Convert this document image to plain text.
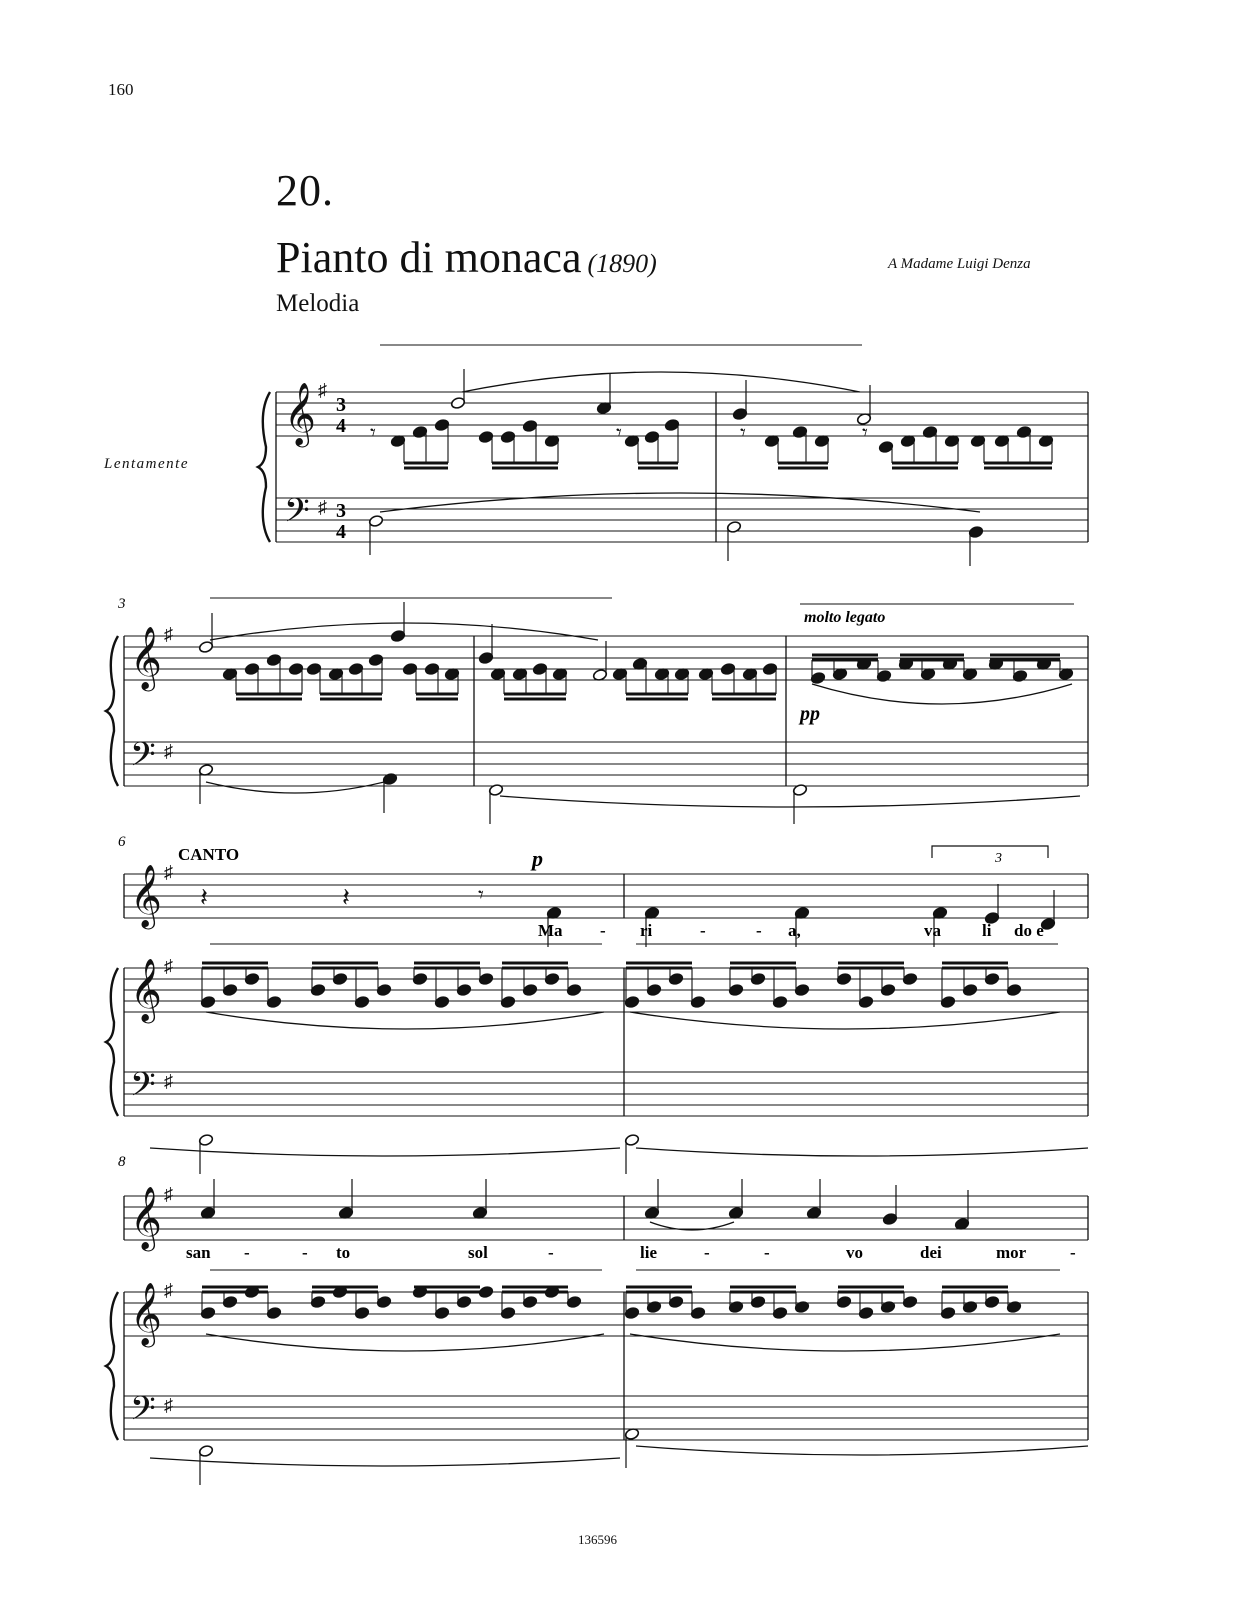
160
20.
Pianto di monaca (1890)
Melodia
A Madame Luigi Denza
Lentamente
𝄞
𝄢
♯
♯
𝄾	𝄾	𝄾	𝄾
𝄞
𝄢
♯
♯
𝄞
𝄞
𝄢
♯
♯
♯
𝄽	𝄽	𝄾
𝄞
𝄞
𝄢
♯
♯
♯
3
6
8
molto legato
pp
CANTO	p	3
3
4
3
4
Ma - ri	-	- a,	va li do e
san -	- to	sol	-	lie	-	-	vo	dei	mor	-
136596
